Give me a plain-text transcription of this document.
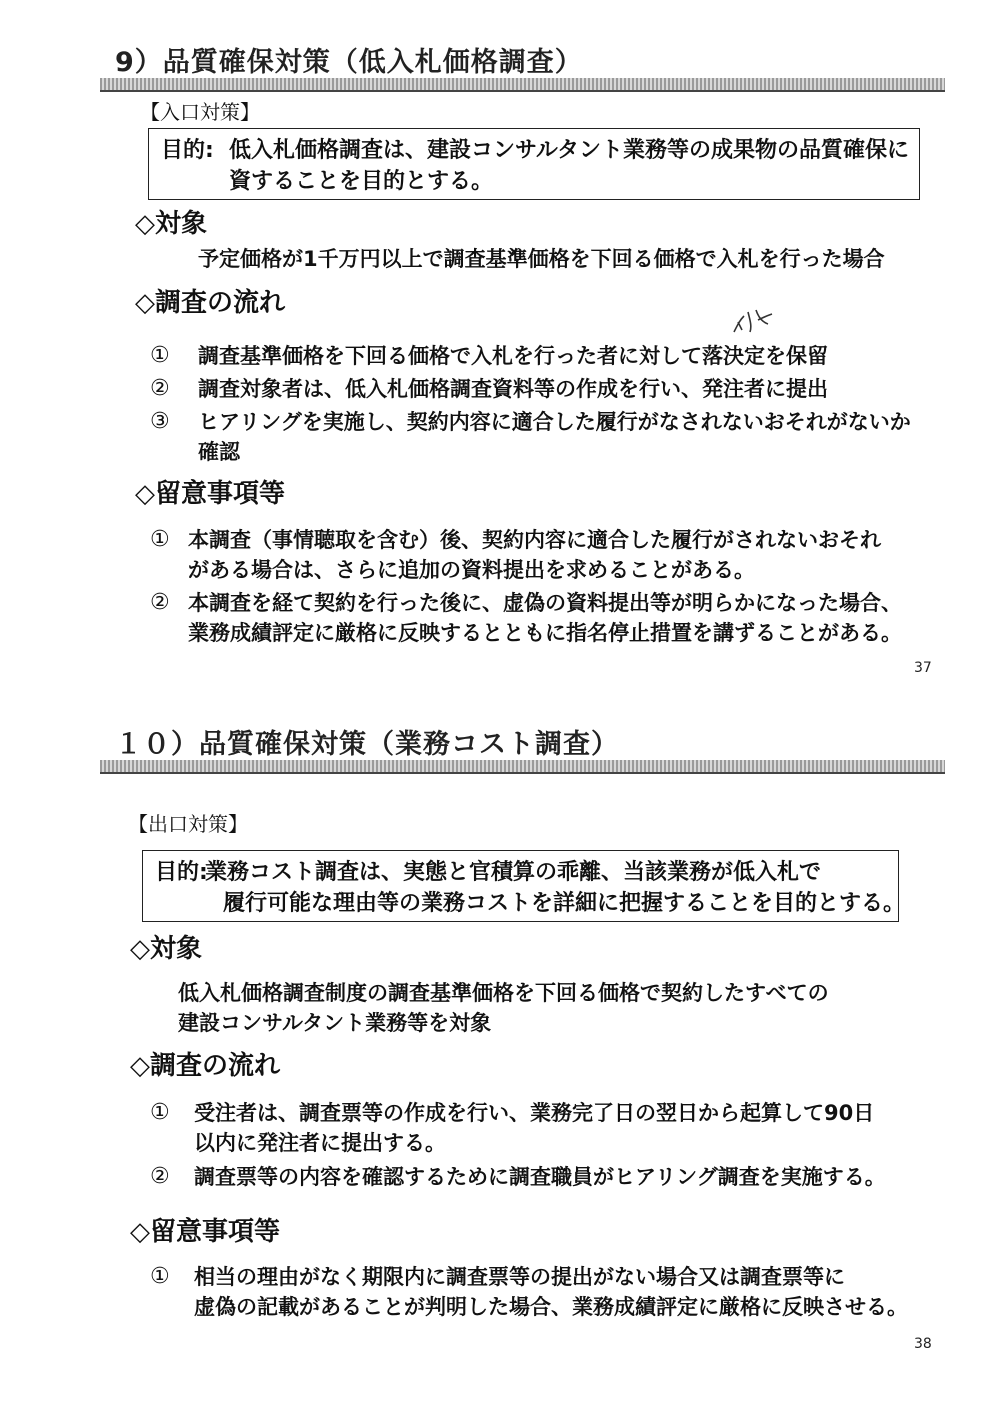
9）品質確保対策（低入札価格調査）
【入口対策】
目的: 低入札価格調査は、建設コンサルタント業務等の成果物の品質確保に
資することを目的とする。
◇対象
予定価格が1千万円以上で調査基準価格を下回る価格で入札を行った場合
◇調査の流れ
① 調査基準価格を下回る価格で入札を行った者に対して落決定を保留
② 調査対象者は、低入札価格調査資料等の作成を行い、発注者に提出
③ ヒアリングを実施し、契約内容に適合した履行がなされないおそれがないか
確認
◇留意事項等
① 本調査（事情聴取を含む）後、契約内容に適合した履行がされないおそれ
がある場合は、さらに追加の資料提出を求めることがある。
② 本調査を経て契約を行った後に、虚偽の資料提出等が明らかになった場合、
業務成績評定に厳格に反映するとともに指名停止措置を講ずることがある。
37
１０）品質確保対策（業務コスト調査）
【出口対策】
目的:
業務コスト調査は、実態と官積算の乖離、当該業務が低入札で
履行可能な理由等の業務コストを詳細に把握することを目的とする。
◇対象
低入札価格調査制度の調査基準価格を下回る価格で契約したすべての
建設コンサルタント業務等を対象
◇調査の流れ
① 受注者は、調査票等の作成を行い、業務完了日の翌日から起算して90日
以内に発注者に提出する。
② 調査票等の内容を確認するために調査職員がヒアリング調査を実施する。
◇留意事項等
① 相当の理由がなく期限内に調査票等の提出がない場合又は調査票等に
虚偽の記載があることが判明した場合、業務成績評定に厳格に反映させる。
38
